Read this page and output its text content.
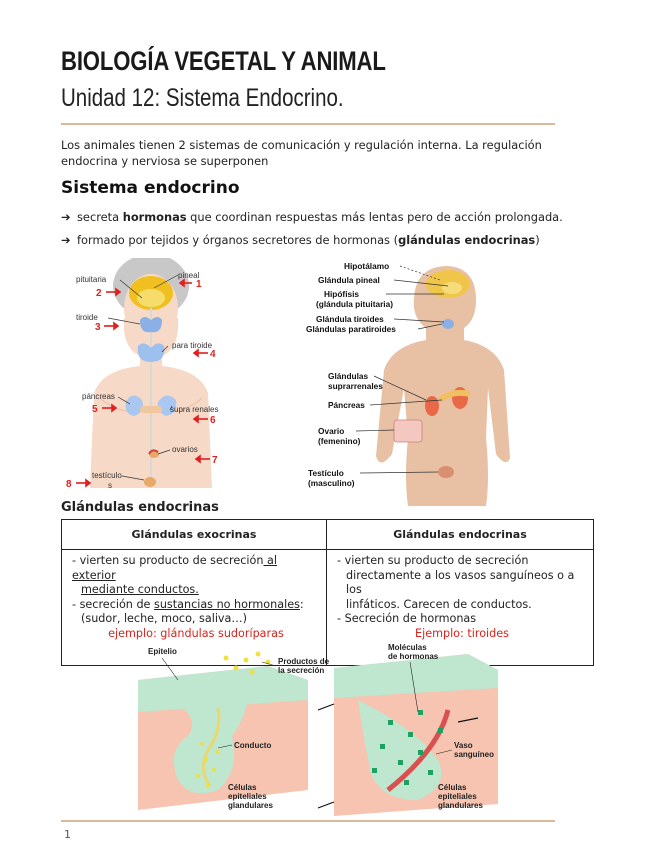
BIOLOGÍA VEGETAL Y ANIMAL
Unidad 12: Sistema Endocrino.
Los animales tienen 2 sistemas de comunicación y regulación interna. La regulación endocrina y nerviosa se superponen
Sistema endocrino
➔ secreta hormonas que coordinan respuestas más lentas pero de acción prolongada.
➔ formado por tejidos y órganos secretores de hormonas (glándulas endocrinas)
pituitaria	pineal
tiroide
para tiroide
páncreas
supra renales
ovarios
testículo
s
2
1
3
4
5
6
7
8
Hipotálamo
Glándula pineal
Hipófisis
(glándula pituitaria)
Glándula tiroides
Glándulas paratiroides
Glándulas
suprarrenales
Páncreas
Ovario
(femenino)
Testículo
(masculino)
Glándulas endocrinas
Glándulas exocrinas	Glándulas endocrinas
- vierten su producto de secreción al exterior

mediante conductos.
- secreción de sustancias no hormonales:

(sudor, leche, moco, saliva…)
ejemplo: glándulas sudoríparas	- vierten su producto de secreción

directamente a los vasos sanguíneos o a los
linfáticos. Carecen de conductos.
- Secreción de hormonas
Ejemplo: tiroides
Epitelio
Productos de
la secreción
Conducto
Células
epiteliales
glandulares
Moléculas
de hormonas
Vaso
sanguíneo
Células
epiteliales
glandulares
1
